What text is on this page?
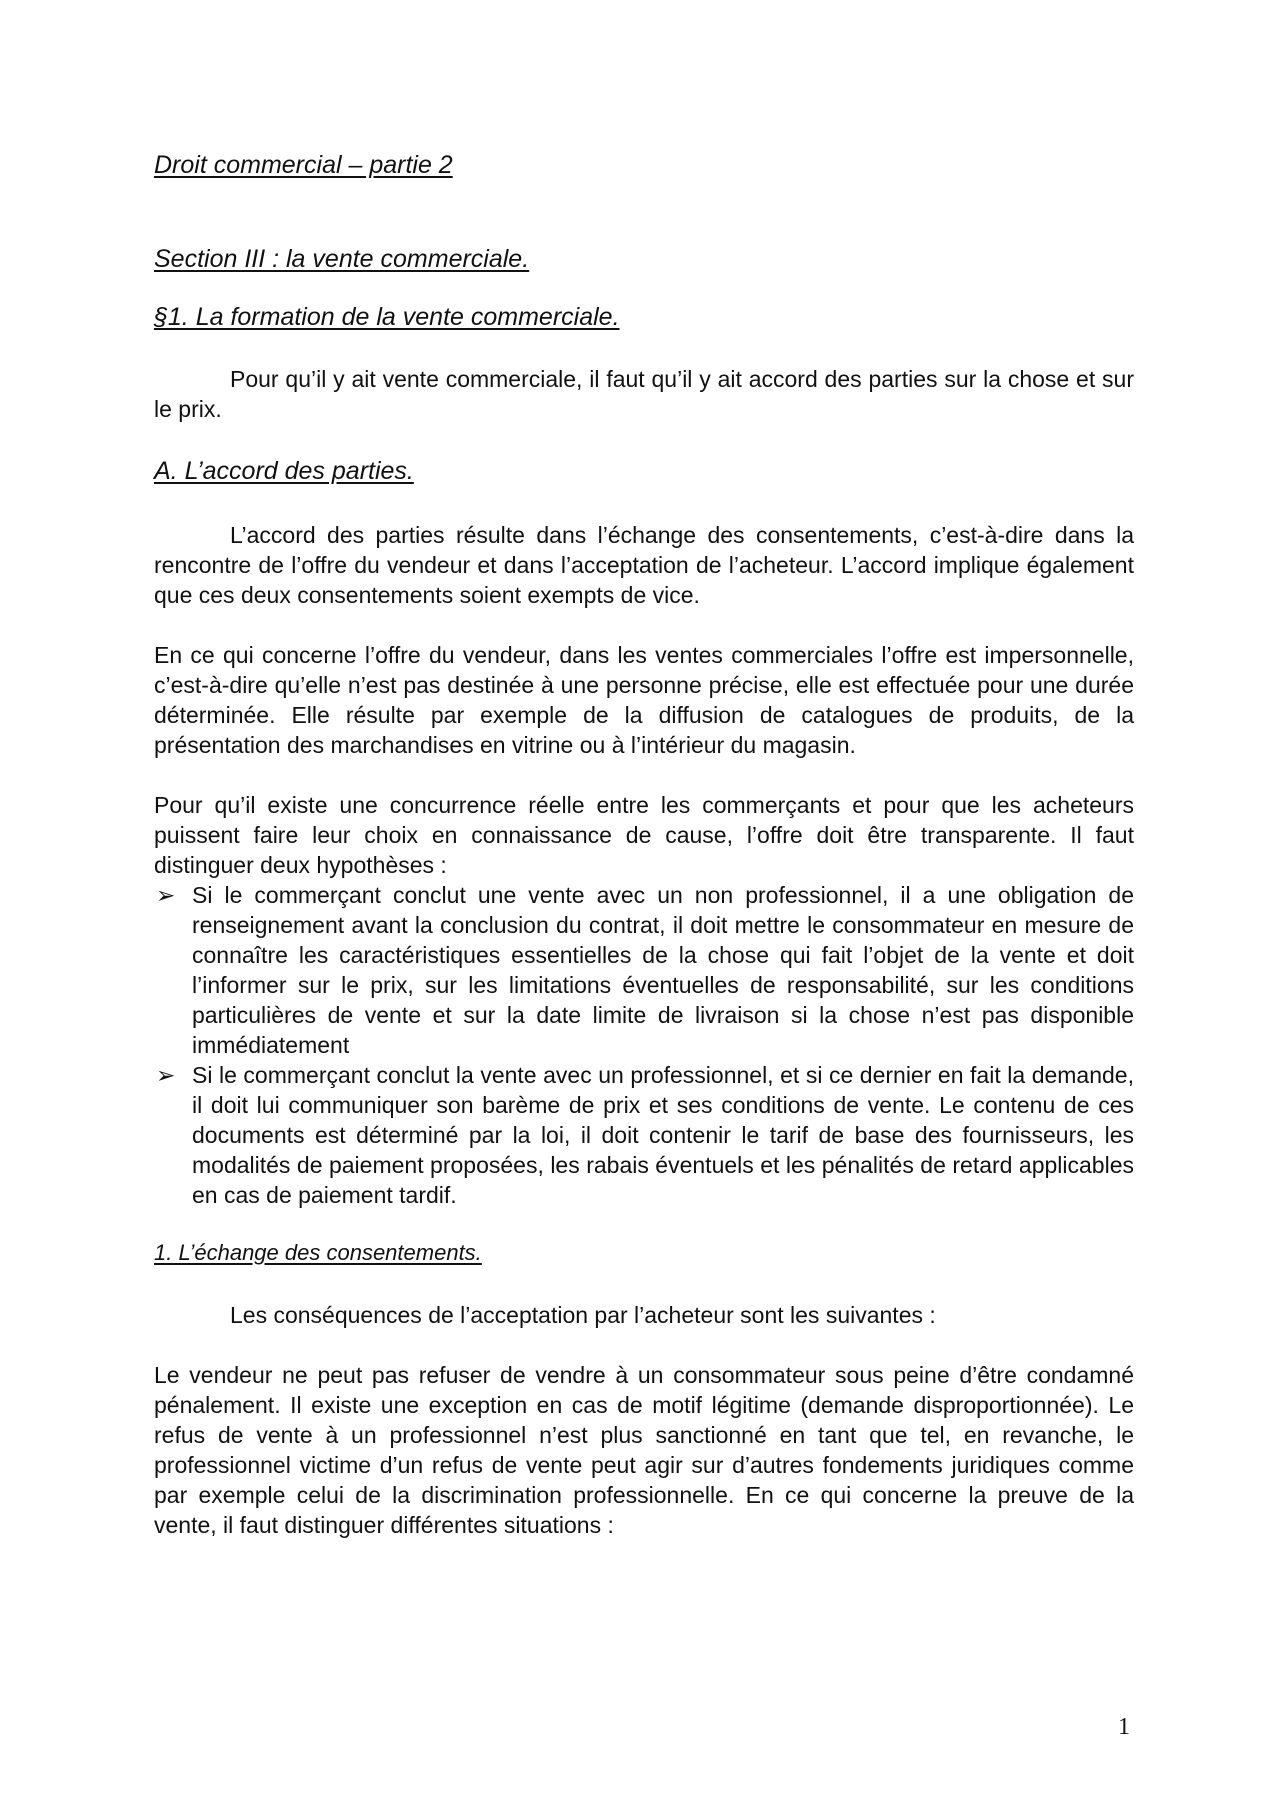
Droit commercial – partie 2
Section III : la vente commerciale.
§1. La formation de la vente commerciale.

Pour qu’il y ait vente commerciale, il faut qu’il y ait accord des parties sur la chose et sur le prix.

A. L’accord des parties.

L’accord des parties résulte dans l’échange des consentements, c’est-à-dire dans la rencontre de l’offre du vendeur et dans l’acceptation de l’acheteur. L’accord implique également que ces deux consentements soient exempts de vice.

En ce qui concerne l’offre du vendeur, dans les ventes commerciales l’offre est impersonnelle, c’est-à-dire qu’elle n’est pas destinée à une personne précise, elle est effectuée pour une durée déterminée. Elle résulte par exemple de la diffusion de catalogues de produits, de la présentation des marchandises en vitrine ou à l’intérieur du magasin.

Pour qu’il existe une concurrence réelle entre les commerçants et pour que les acheteurs puissent faire leur choix en connaissance de cause, l’offre doit être transparente. Il faut distinguer deux hypothèses :

➢ Si le commerçant conclut une vente avec un non professionnel, il a une obligation de renseignement avant la conclusion du contrat, il doit mettre le consommateur en mesure de connaître les caractéristiques essentielles de la chose qui fait l’objet de la vente et doit l’informer sur le prix, sur les limitations éventuelles de responsabilité, sur les conditions particulières de vente et sur la date limite de livraison si la chose n’est pas disponible immédiatement
➢ Si le commerçant conclut la vente avec un professionnel, et si ce dernier en fait la demande, il doit lui communiquer son barème de prix et ses conditions de vente. Le contenu de ces documents est déterminé par la loi, il doit contenir le tarif de base des fournisseurs, les modalités de paiement proposées, les rabais éventuels et les pénalités de retard applicables en cas de paiement tardif.
1. L’échange des consentements.

Les conséquences de l’acceptation par l’acheteur sont les suivantes :

Le vendeur ne peut pas refuser de vendre à un consommateur sous peine d’être condamné pénalement. Il existe une exception en cas de motif légitime (demande disproportionnée). Le refus de vente à un professionnel n’est plus sanctionné en tant que tel, en revanche, le professionnel victime d’un refus de vente peut agir sur d’autres fondements juridiques comme par exemple celui de la discrimination professionnelle. En ce qui concerne la preuve de la vente, il faut distinguer différentes situations :

1
